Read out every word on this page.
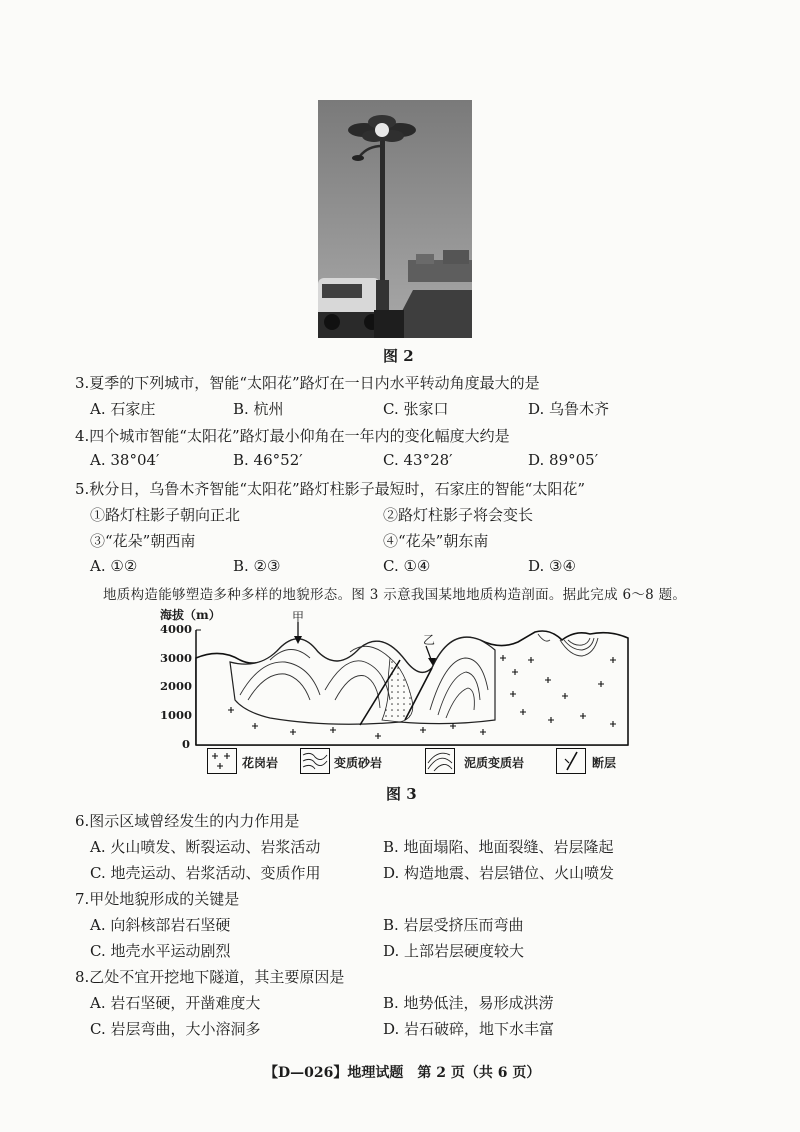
图 2
3.夏季的下列城市，智能“太阳花”路灯在一日内水平转动角度最大的是
A. 石家庄	B. 杭州	C. 张家口	D. 乌鲁木齐
4.四个城市智能“太阳花”路灯最小仰角在一年内的变化幅度大约是
A. 38°04′	B. 46°52′	C. 43°28′	D. 89°05′
5.秋分日，乌鲁木齐智能“太阳花”路灯柱影子最短时，石家庄的智能“太阳花”
①路灯柱影子朝向正北	②路灯柱影子将会变长
③“花朵”朝西南	④“花朵”朝东南
A. ①②	B. ②③	C. ①④	D. ③④
地质构造能够塑造多种多样的地貌形态。图 3 示意我国某地地质构造剖面。据此完成 6～8 题。
海拔（m）
4000
3000
2000
1000
0
甲
乙
花岗岩	变质砂岩	泥质变质岩	断层
图 3
6.图示区域曾经发生的内力作用是
A. 火山喷发、断裂运动、岩浆活动	B. 地面塌陷、地面裂缝、岩层隆起
C. 地壳运动、岩浆活动、变质作用	D. 构造地震、岩层错位、火山喷发
7.甲处地貌形成的关键是
A. 向斜核部岩石坚硬	B. 岩层受挤压而弯曲
C. 地壳水平运动剧烈	D. 上部岩层硬度较大
8.乙处不宜开挖地下隧道，其主要原因是
A. 岩石坚硬，开凿难度大	B. 地势低洼，易形成洪涝
C. 岩层弯曲，大小溶洞多	D. 岩石破碎，地下水丰富
【D—026】地理试题　第 2 页（共 6 页）
